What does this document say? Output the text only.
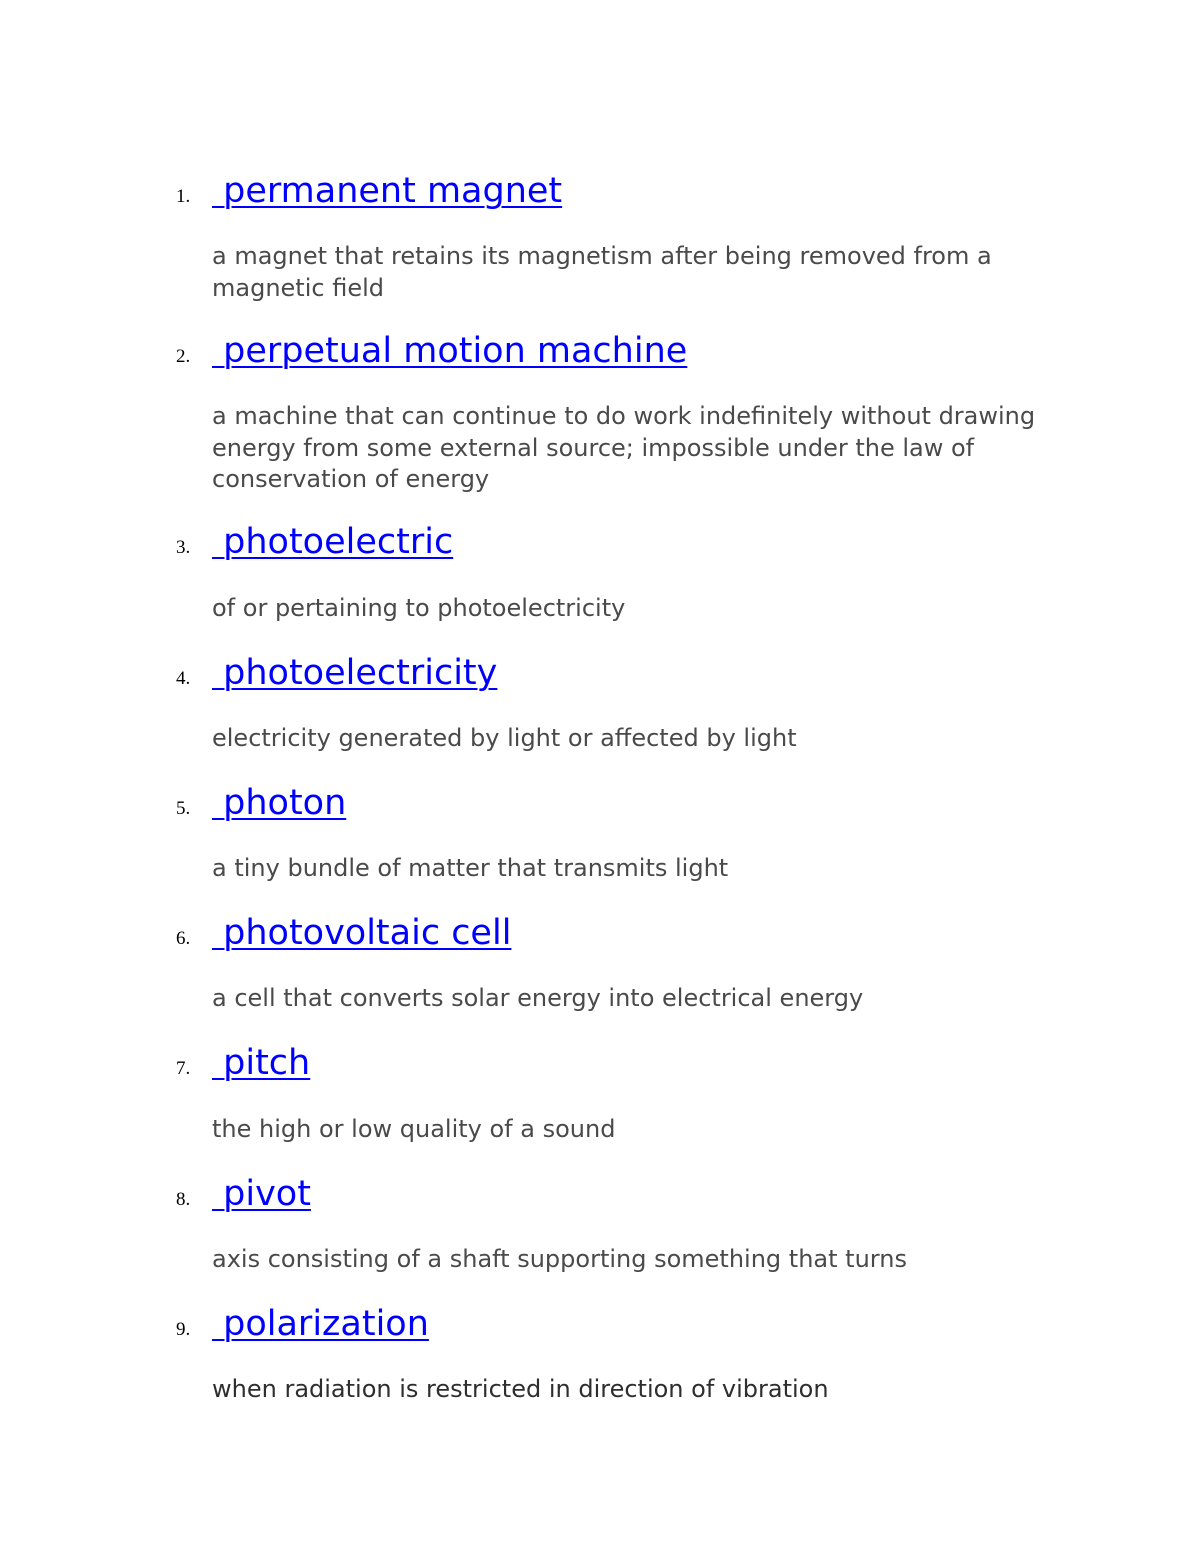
1. permanent magnet
a magnet that retains its magnetism after being removed from a magnetic field
2. perpetual motion machine
a machine that can continue to do work indefinitely without drawing energy from some external source; impossible under the law of conservation of energy
3. photoelectric
of or pertaining to photoelectricity
4. photoelectricity
electricity generated by light or affected by light
5. photon
a tiny bundle of matter that transmits light
6. photovoltaic cell
a cell that converts solar energy into electrical energy
7. pitch
the high or low quality of a sound
8. pivot
axis consisting of a shaft supporting something that turns
9. polarization
when radiation is restricted in direction of vibration
